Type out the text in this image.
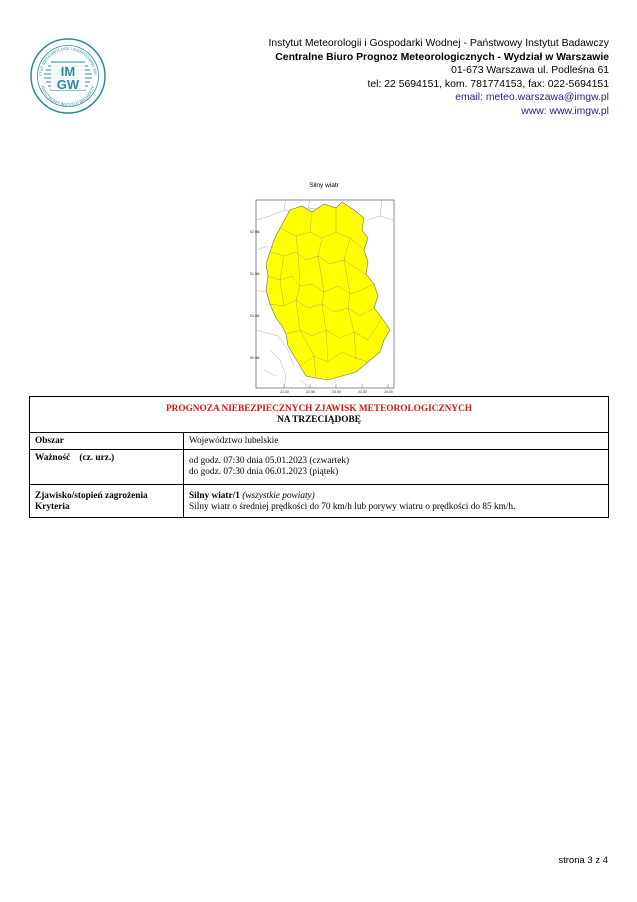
YTUT METEOROLOGII I GOSPODARKI WO
PAŃSTWOWY INSTYTUT BADAWCZY
IM
GW
Instytut Meteorologii i Gospodarki Wodnej - Państwowy Instytut Badawczy
Centralne Biuro Prognoz Meteorologicznych - Wydział w Warszawie
01-673 Warszawa ul. Podleśna 61
tel: 22 5694151, kom. 781774153, fax: 022-5694151
email: meteo.warszawa@imgw.pl
www: www.imgw.pl
Silny wiatr
52.00
51.50
51.00
50.50
22.00	22.50	23.00	23.50	24.00
PROGNOZA NIEBEZPIECZNYCH ZJAWISK METEOROLOGICZNYCH
NA TRZECIĄDOBĘ	

Obszar	Województwo lubelskie
Ważność    (cz. urz.)	od godz. 07:30 dnia 05.01.2023 (czwartek)
do godz. 07:30 dnia 06.01.2023 (piątek)

Zjawisko/stopień zagrożenia
Kryteria	Silny wiatr/1 (wszystkie powiaty)
Silny wiatr o średniej prędkości do 70 km/h lub porywy wiatru o prędkości do 85 km/h.
strona 3 z 4
